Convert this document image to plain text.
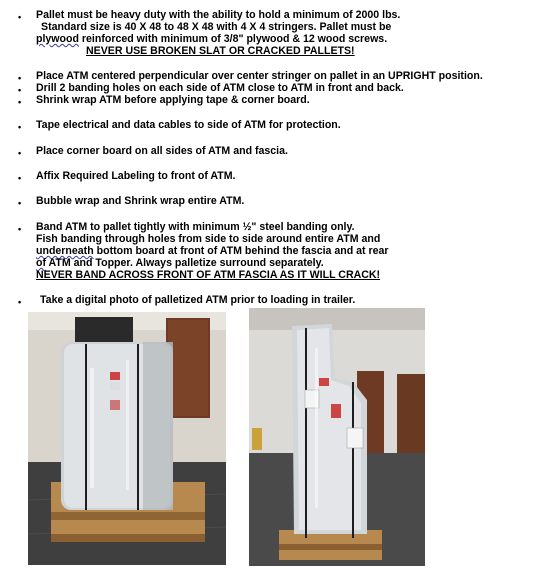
• Pallet must be heavy duty with the ability to hold a minimum of 2000 lbs.
Standard size is 40 X 48 to 48 X 48 with 4 X 4 stringers. Pallet must be
plywood reinforced with minimum of 3/8" plywood & 12 wood screws.
NEVER USE BROKEN SLAT OR CRACKED PALLETS!
• Place ATM centered perpendicular over center stringer on pallet in an UPRIGHT position.
• Drill 2 banding holes on each side of ATM close to ATM in front and back.
• Shrink wrap ATM before applying tape & corner board.
• Tape electrical and data cables to side of ATM for protection.
• Place corner board on all sides of ATM and fascia.
• Affix Required Labeling to front of ATM.
• Bubble wrap and Shrink wrap entire ATM.
• Band ATM to pallet tightly with minimum ½" steel banding only.
Fish banding through holes from side to side around entire ATM and
underneath bottom board at front of ATM behind the fascia and at rear
of ATM and Topper. Always palletize surround separately.
NEVER BAND ACROSS FRONT OF ATM FASCIA AS IT WILL CRACK!
• Take a digital photo of palletized ATM prior to loading in trailer.
